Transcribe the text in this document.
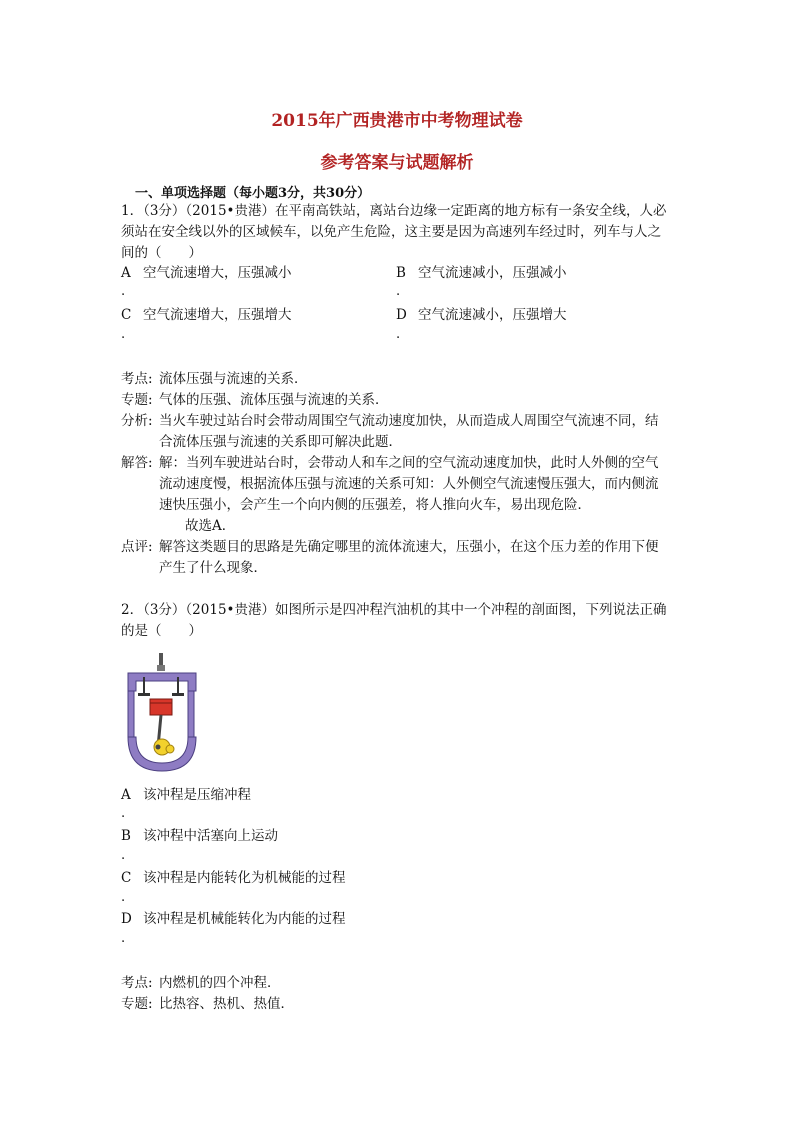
2015年广西贵港市中考物理试卷
参考答案与试题解析
一、单项选择题（每小题3分，共30分）
1．（3分）（2015•贵港）在平南高铁站，离站台边缘一定距离的地方标有一条安全线，人必
须站在安全线以外的区域候车，以免产生危险，这主要是因为高速列车经过时，列车与人之
间的（　　）
A 空气流速增大，压强减小
.
B 空气流速减小，压强减小
.
C 空气流速增大，压强增大
.
D 空气流速减小，压强增大
.
考点: 流体压强与流速的关系．
专题: 气体的压强、流体压强与流速的关系．
分析: 当火车驶过站台时会带动周围空气流动速度加快，从而造成人周围空气流速不同，结
合流体压强与流速的关系即可解决此题．
解答: 解：当列车驶进站台时，会带动人和车之间的空气流动速度加快，此时人外侧的空气
流动速度慢，根据流体压强与流速的关系可知：人外侧空气流速慢压强大，而内侧流
速快压强小，会产生一个向内侧的压强差，将人推向火车，易出现危险．
故选A．
点评: 解答这类题目的思路是先确定哪里的流体流速大，压强小，在这个压力差的作用下便
产生了什么现象．
2．（3分）（2015•贵港）如图所示是四冲程汽油机的其中一个冲程的剖面图，下列说法正确
的是（　　）
A 该冲程是压缩冲程
.
B 该冲程中活塞向上运动
.
C 该冲程是内能转化为机械能的过程
.
D 该冲程是机械能转化为内能的过程
.
考点: 内燃机的四个冲程．
专题: 比热容、热机、热值．
